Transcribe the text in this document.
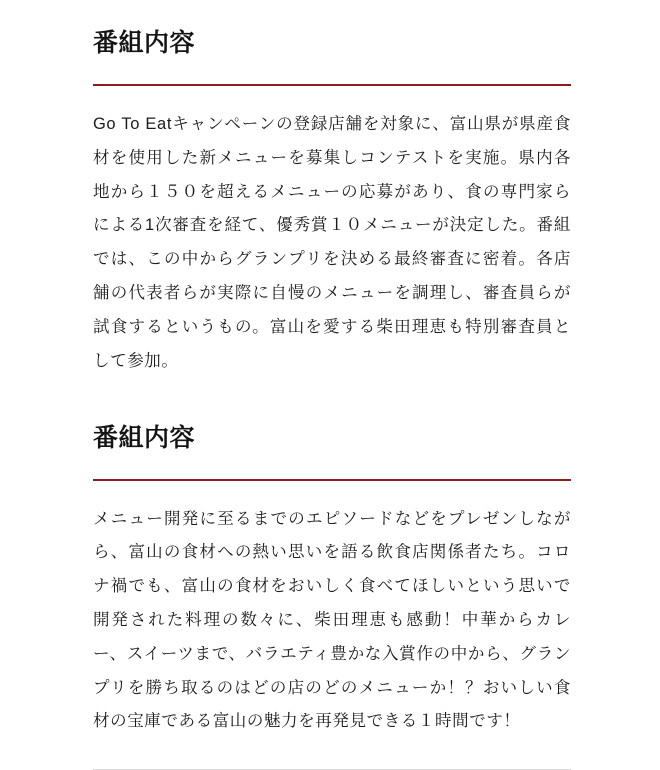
番組内容

Go To Eatキャンペーンの登録店舗を対象に、富山県が県産食材を使用した新メニューを募集しコンテストを実施。県内各地から１５０を超えるメニューの応募があり、食の専門家らによる1次審査を経て、優秀賞１０メニューが決定した。番組では、この中からグランプリを決める最終審査に密着。各店舗の代表者らが実際に自慢のメニューを調理し、審査員らが試食するというもの。富山を愛する柴田理恵も特別審査員として参加。

番組内容

メニュー開発に至るまでのエピソードなどをプレゼンしながら、富山の食材への熱い思いを語る飲食店関係者たち。コロナ禍でも、富山の食材をおいしく食べてほしいという思いで開発された料理の数々に、柴田理恵も感動！中華からカレー、スイーツまで、バラエティ豊かな入賞作の中から、グランプリを勝ち取るのはどの店のどのメニューか！？おいしい食材の宝庫である富山の魅力を再発見できる１時間です！
